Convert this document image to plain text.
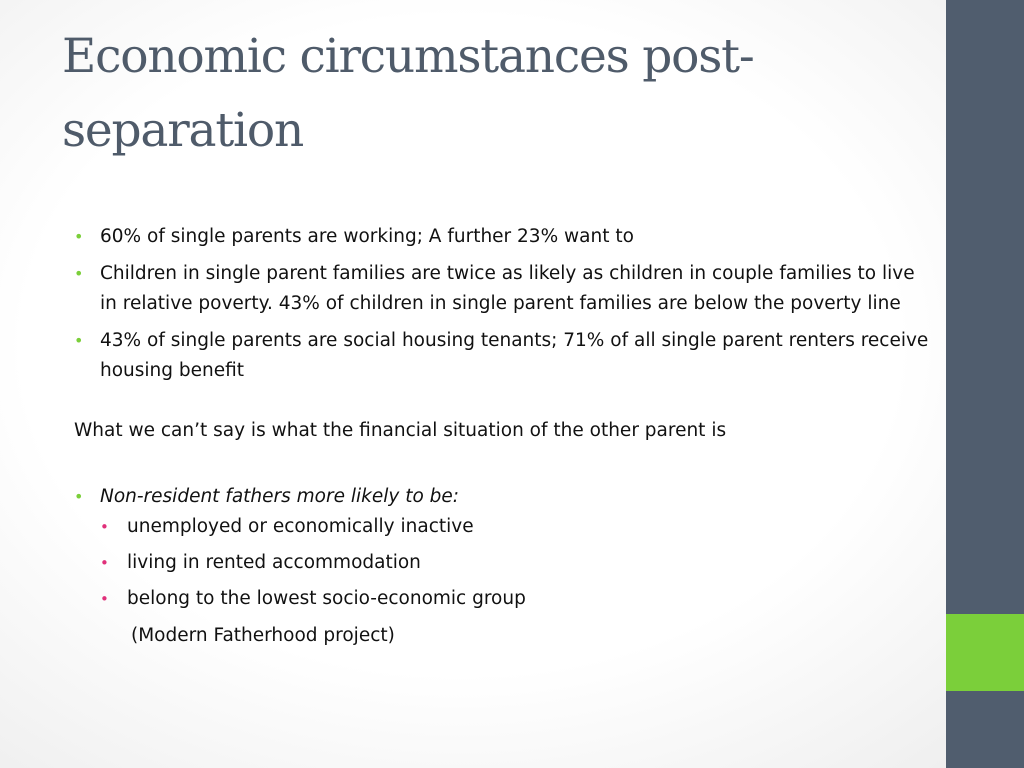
Economic circumstances post-separation
• 60% of single parents are working; A further 23% want to
• Children in single parent families are twice as likely as children in couple families to live in relative poverty. 43% of children in single parent families are below the poverty line
• 43% of single parents are social housing tenants; 71% of all single parent renters receive housing benefit

What we can’t say is what the financial situation of the other parent is

• Non-resident fathers more likely to be:
• unemployed or economically inactive
• living in rented accommodation
• belong to the lowest socio-economic group

(Modern Fatherhood project)
